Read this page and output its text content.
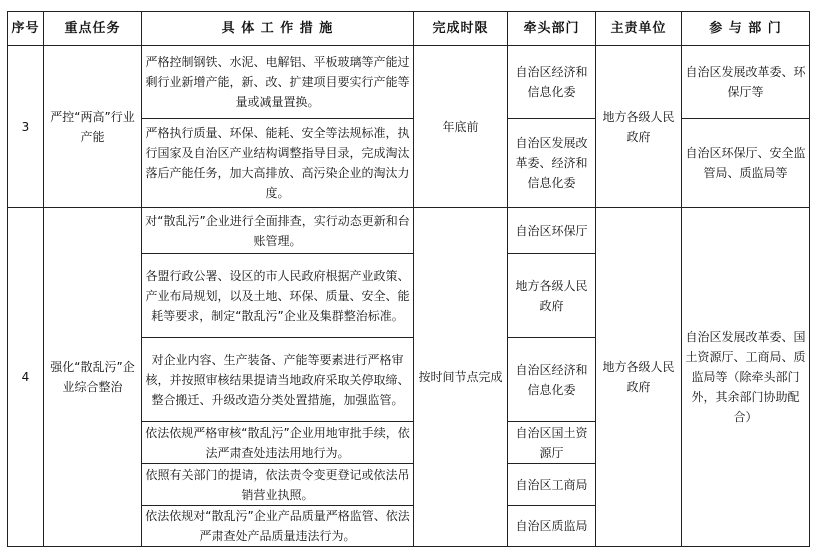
序号	重点任务	具 体 工 作 措 施	完成时限	牵头部门	主责单位	参 与 部 门
3	严控“两高”行业产能	严格控制钢铁、水泥、电解铝、平板玻璃等产能过剩行业新增产能，新、改、扩建项目要实行产能等量或减量置换。	年底前	自治区经济和信息化委	地方各级人民政府	自治区发展改革委、环保厅等
		严格执行质量、环保、能耗、安全等法规标准，执行国家及自治区产业结构调整指导目录，完成淘汰落后产能任务，加大高排放、高污染企业的淘汰力度。		自治区发展改革委、经济和信息化委		自治区环保厅、安全监管局、质监局等
4	强化“散乱污”企业综合整治	对“散乱污”企业进行全面排查，实行动态更新和台账管理。	按时间节点完成	自治区环保厅	地方各级人民政府	自治区发展改革委、国土资源厅、工商局、质监局等（除牵头部门外，其余部门协助配合）
		各盟行政公署、设区的市人民政府根据产业政策、产业布局规划，以及土地、环保、质量、安全、能耗等要求，制定“散乱污”企业及集群整治标准。		地方各级人民政府		
		对企业内容、生产装备、产能等要素进行严格审核，并按照审核结果提请当地政府采取关停取缔、整合搬迁、升级改造分类处置措施，加强监管。		自治区经济和信息化委		
		依法依规严格审核“散乱污”企业用地审批手续，依法严肃查处违法用地行为。		自治区国土资源厅		
		依照有关部门的提请，依法责令变更登记或依法吊销营业执照。		自治区工商局		
		依法依规对“散乱污”企业产品质量严格监管、依法严肃查处产品质量违法行为。		自治区质监局		
